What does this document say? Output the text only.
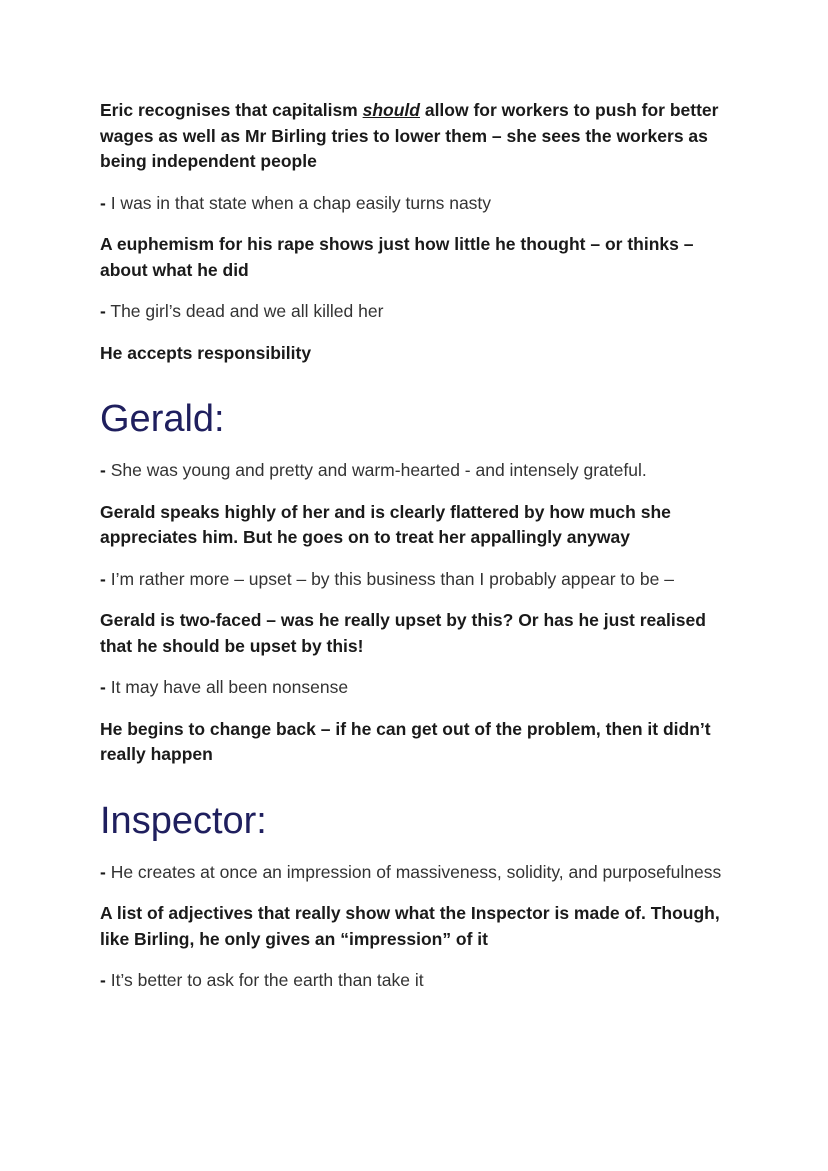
Eric recognises that capitalism should allow for workers to push for better wages as well as Mr Birling tries to lower them – she sees the workers as being independent people

- I was in that state when a chap easily turns nasty

A euphemism for his rape shows just how little he thought – or thinks – about what he did

- The girl’s dead and we all killed her

He accepts responsibility

Gerald:

- She was young and pretty and warm-hearted - and intensely grateful.

Gerald speaks highly of her and is clearly flattered by how much she appreciates him. But he goes on to treat her appallingly anyway

- I’m rather more – upset – by this business than I probably appear to be –

Gerald is two-faced – was he really upset by this? Or has he just realised that he should be upset by this!

- It may have all been nonsense

He begins to change back – if he can get out of the problem, then it didn’t really happen

Inspector:

- He creates at once an impression of massiveness, solidity, and purposefulness

A list of adjectives that really show what the Inspector is made of. Though, like Birling, he only gives an “impression” of it

- It’s better to ask for the earth than take it
